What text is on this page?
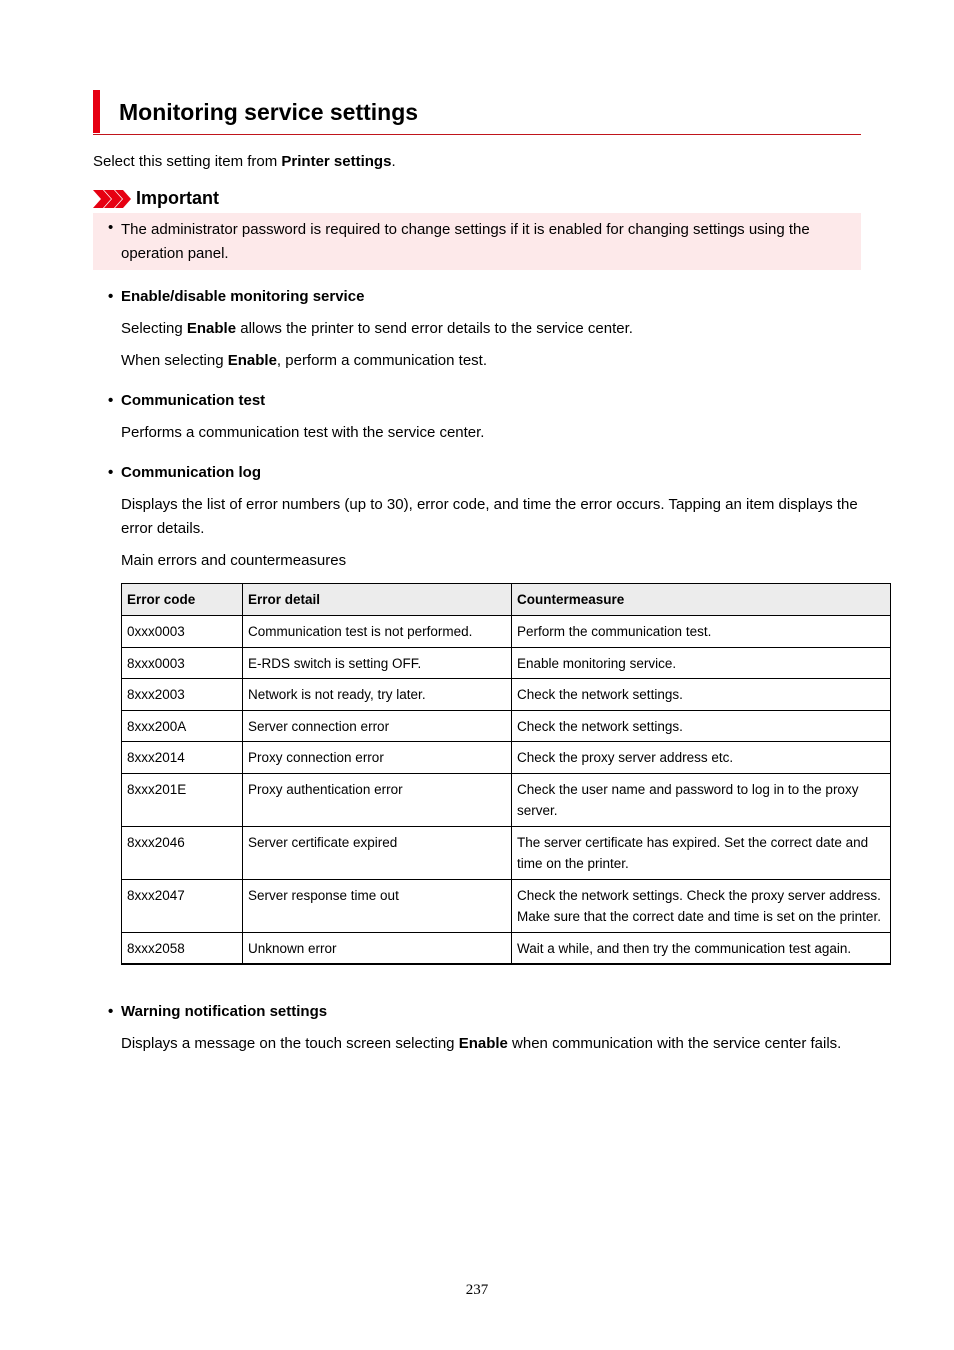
Monitoring service settings
Select this setting item from Printer settings.
Important
• The administrator password is required to change settings if it is enabled for changing settings using the operation panel.
• Enable/disable monitoring service
Selecting Enable allows the printer to send error details to the service center.
When selecting Enable, perform a communication test.
• Communication test
Performs a communication test with the service center.
• Communication log
Displays the list of error numbers (up to 30), error code, and time the error occurs. Tapping an item displays the error details.
Main errors and countermeasures
Error code	Error detail	Countermeasure
0xxx0003	Communication test is not performed.	Perform the communication test.
8xxx0003	E-RDS switch is setting OFF.	Enable monitoring service.
8xxx2003	Network is not ready, try later.	Check the network settings.
8xxx200A	Server connection error	Check the network settings.
8xxx2014	Proxy connection error	Check the proxy server address etc.
8xxx201E	Proxy authentication error	Check the user name and password to log in to the proxy server.
8xxx2046	Server certificate expired	The server certificate has expired. Set the correct date and time on the printer.
8xxx2047	Server response time out	Check the network settings. Check the proxy server address. Make sure that the correct date and time is set on the printer.
8xxx2058	Unknown error	Wait a while, and then try the communication test again.
• Warning notification settings
Displays a message on the touch screen selecting Enable when communication with the service center fails.
237
